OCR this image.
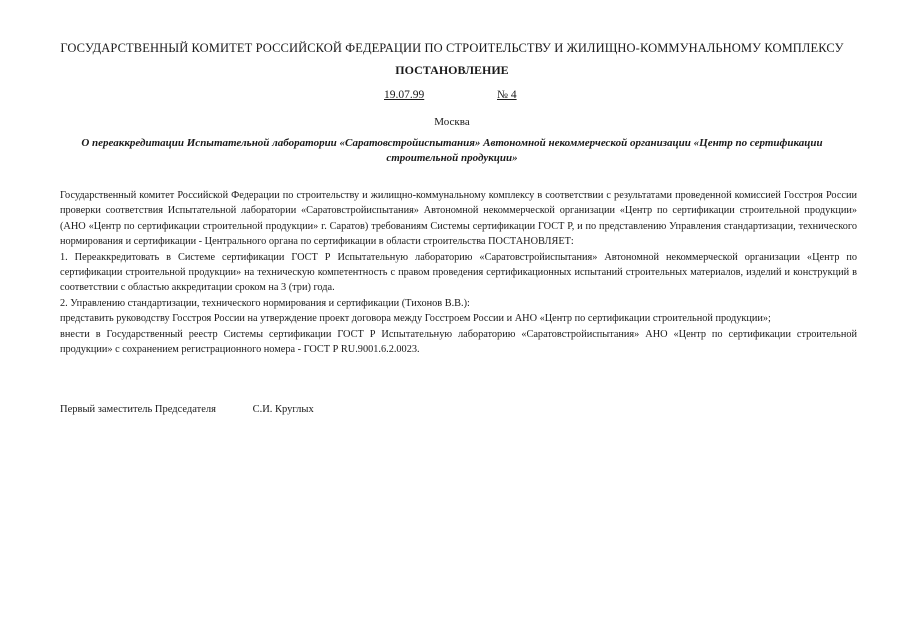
ГОСУДАРСТВЕННЫЙ КОМИТЕТ РОССИЙСКОЙ ФЕДЕРАЦИИ ПО СТРОИТЕЛЬСТВУ И ЖИЛИЩНО-КОММУНАЛЬНОМУ КОМПЛЕКСУ
ПОСТАНОВЛЕНИЕ
19.07.99	№ 4
Москва
О переаккредитации Испытательной лаборатории «Саратовстройиспытания» Автономной некоммерческой организации «Центр по сертификации строительной продукции»

Государственный комитет Российской Федерации по строительству и жилищно-коммунальному комплексу в соответствии с результатами проведенной комиссией Госстроя России проверки соответствия Испытательной лаборатории «Саратовстройиспытания» Автономной некоммерческой организации «Центр по сертификации строительной продукции» (АНО «Центр по сертификации строительной продукции» г. Саратов) требованиям Системы сертификации ГОСТ Р, и по представлению Управления стандартизации, технического нормирования и сертификации - Центрального органа по сертификации в области строительства ПОСТАНОВЛЯЕТ:

1. Переаккредитовать в Системе сертификации ГОСТ Р Испытательную лабораторию «Саратовстройиспытания» Автономной некоммерческой организации «Центр по сертификации строительной продукции» на техническую компетентность с правом проведения сертификационных испытаний строительных материалов, изделий и конструкций в соответствии с областью аккредитации сроком на 3 (три) года.

2. Управлению стандартизации, технического нормирования и сертификации (Тихонов В.В.):

представить руководству Госстроя России на утверждение проект договора между Госстроем России и АНО «Центр по сертификации строительной продукции»;

внести в Государственный реестр Системы сертификации ГОСТ Р Испытательную лабораторию «Саратовстройиспытания» АНО «Центр по сертификации строительной продукции» с сохранением регистрационного номера - ГОСТ Р RU.9001.6.2.0023.

Первый заместитель Председателя	С.И. Круглых
